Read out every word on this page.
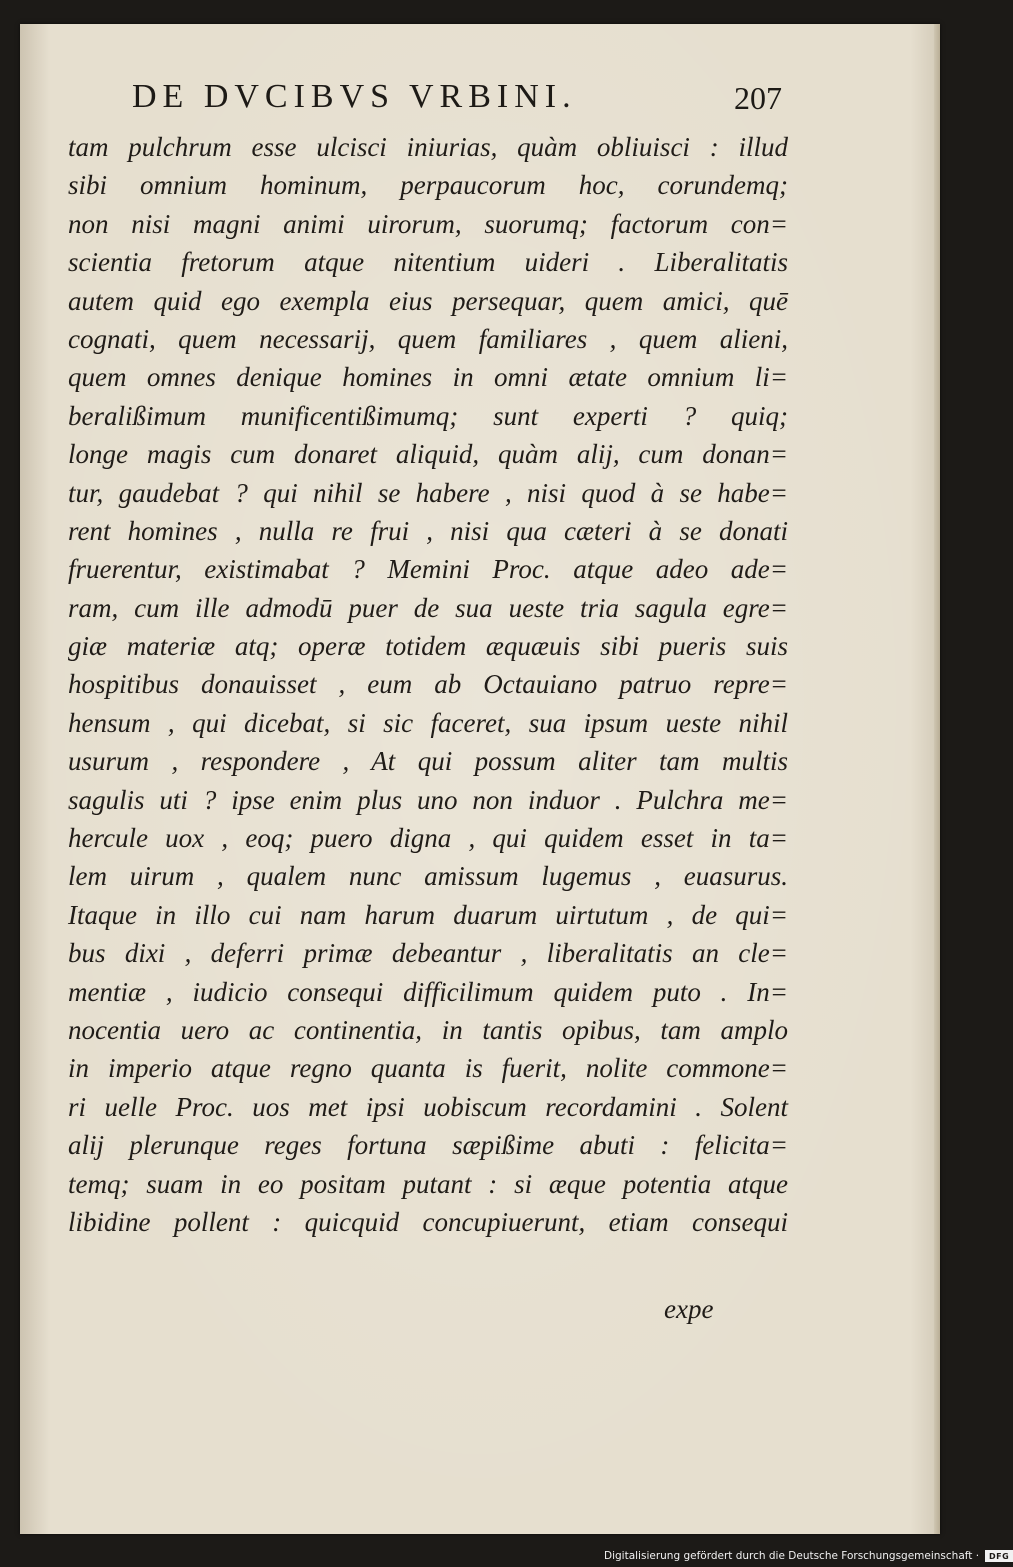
DE DVCIBVS VRBINI.	207
tam pulchrum esse ulcisci iniurias, quàm obliuisci : illud
sibi omnium hominum, perpaucorum hoc, corundemq;
non nisi magni animi uirorum, suorumq; factorum con=
scientia fretorum atque nitentium uideri . Liberalitatis
autem quid ego exempla eius persequar, quem amici, quē
cognati, quem necessarij, quem familiares , quem alieni,
quem omnes denique homines in omni ætate omnium li=
beralißimum munificentißimumq; sunt experti ? quiq;
longe magis cum donaret aliquid, quàm alij, cum donan=
tur, gaudebat ? qui nihil se habere , nisi quod à se habe=
rent homines , nulla re frui , nisi qua cæteri à se donati
fruerentur, existimabat ? Memini Proc. atque adeo ade=
ram, cum ille admodū puer de sua ueste tria sagula egre=
giæ materiæ atq; operæ totidem æquæuis sibi pueris suis
hospitibus donauisset , eum ab Octauiano patruo repre=
hensum , qui dicebat, si sic faceret, sua ipsum ueste nihil
usurum , respondere , At qui possum aliter tam multis
sagulis uti ? ipse enim plus uno non induor . Pulchra me=
hercule uox , eoq; puero digna , qui quidem esset in ta=
lem uirum , qualem nunc amissum lugemus , euasurus.
Itaque in illo cui nam harum duarum uirtutum , de qui=
bus dixi , deferri primæ debeantur , liberalitatis an cle=
mentiæ , iudicio consequi difficilimum quidem puto . In=
nocentia uero ac continentia, in tantis opibus, tam amplo
in imperio atque regno quanta is fuerit, nolite commone=
ri uelle Proc. uos met ipsi uobiscum recordamini . Solent
alij plerunque reges fortuna sæpißime abuti : felicita=
temq; suam in eo positam putant : si æque potentia atque
libidine pollent : quicquid concupiuerunt, etiam consequi
expe
Digitalisierung gefördert durch die Deutsche Forschungsgemeinschaft ·	DFG
